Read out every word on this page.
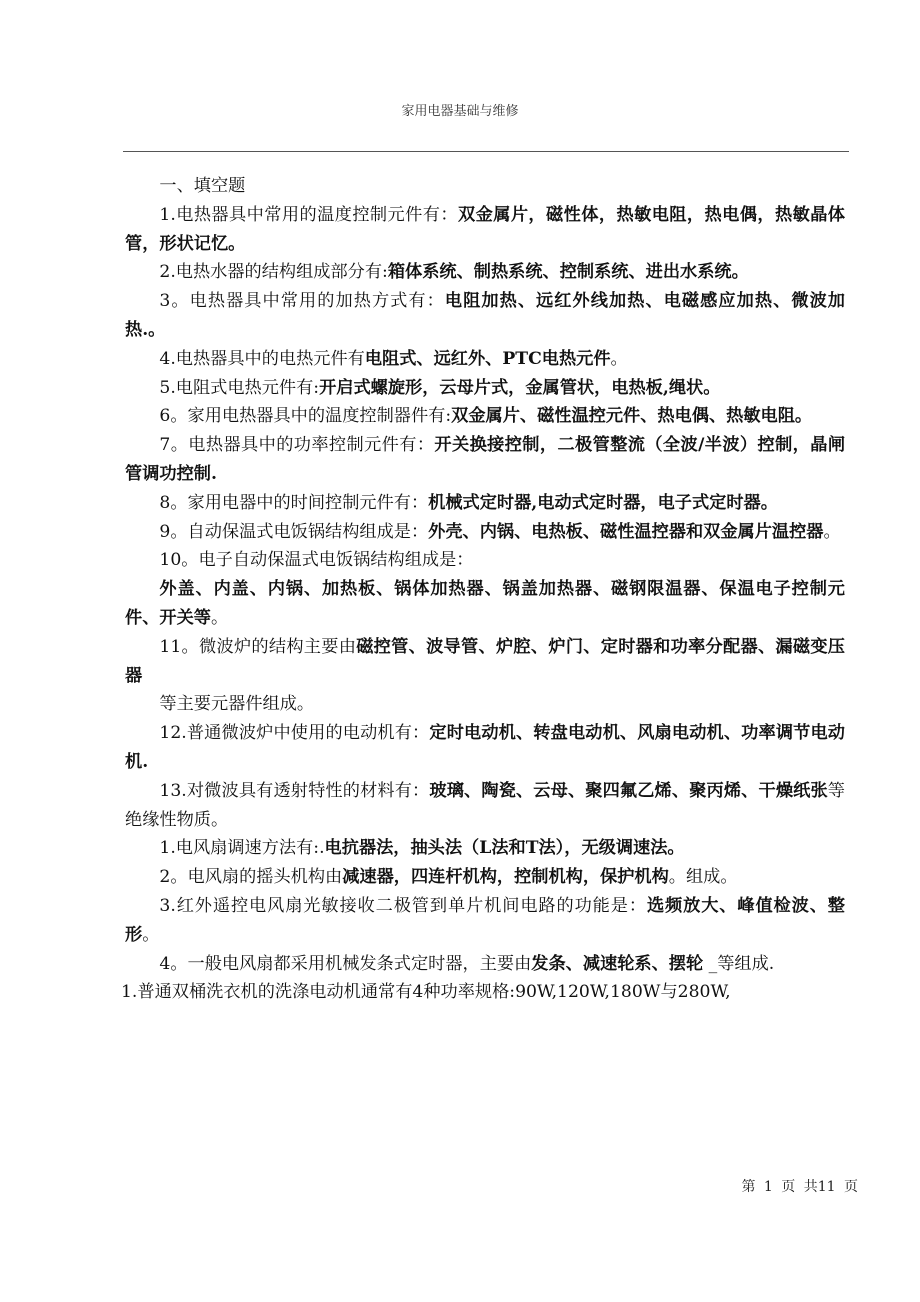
家用电器基础与维修

一、填空题

1.电热器具中常用的温度控制元件有：双金属片，磁性体，热敏电阻，热电偶，热敏晶体管，形状记忆。

2.电热水器的结构组成部分有:箱体系统、制热系统、控制系统、进出水系统。

3。电热器具中常用的加热方式有：电阻加热、远红外线加热、电磁感应加热、微波加热.。

4.电热器具中的电热元件有电阻式、远红外、PTC电热元件。

5.电阻式电热元件有:开启式螺旋形，云母片式，金属管状，电热板,绳状。

6。家用电热器具中的温度控制器件有:双金属片、磁性温控元件、热电偶、热敏电阻。

7。电热器具中的功率控制元件有：开关换接控制，二极管整流（全波/半波）控制，晶闸管调功控制.

8。家用电器中的时间控制元件有：机械式定时器,电动式定时器，电子式定时器。

9。自动保温式电饭锅结构组成是：外壳、内锅、电热板、磁性温控器和双金属片温控器。

10。电子自动保温式电饭锅结构组成是：

外盖、内盖、内锅、加热板、锅体加热器、锅盖加热器、磁钢限温器、保温电子控制元件、开关等。

11。微波炉的结构主要由磁控管、波导管、炉腔、炉门、定时器和功率分配器、漏磁变压器

等主要元器件组成。

12.普通微波炉中使用的电动机有：定时电动机、转盘电动机、风扇电动机、功率调节电动机.

13.对微波具有透射特性的材料有：玻璃、陶瓷、云母、聚四氟乙烯、聚丙烯、干燥纸张等绝缘性物质。

1.电风扇调速方法有:.电抗器法，抽头法（L法和T法），无级调速法。

2。电风扇的摇头机构由减速器，四连杆机构，控制机构，保护机构。组成。

3.红外遥控电风扇光敏接收二极管到单片机间电路的功能是：选频放大、峰值检波、整形。

4。一般电风扇都采用机械发条式定时器，主要由发条、减速轮系、摆轮 _等组成.

1.普通双桶洗衣机的洗涤电动机通常有4种功率规格:90W,120W,180W与280W,

第 1 页 共11 页
